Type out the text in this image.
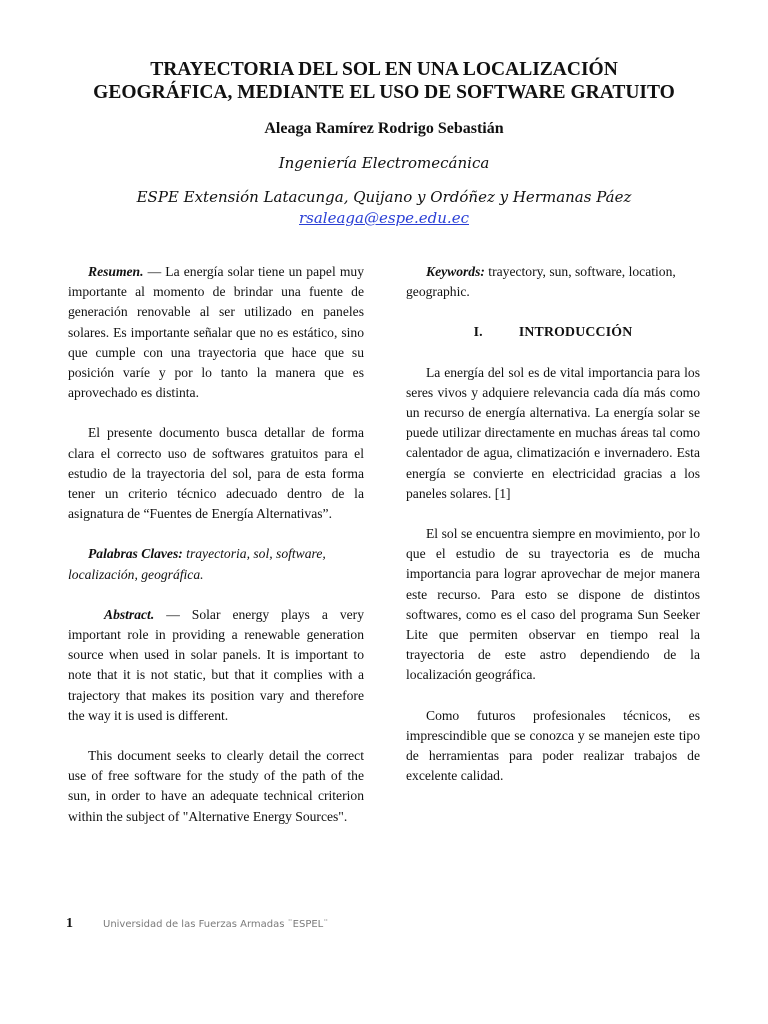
TRAYECTORIA DEL SOL EN UNA LOCALIZACIÓN
GEOGRÁFICA, MEDIANTE EL USO DE SOFTWARE GRATUITO
Aleaga Ramírez Rodrigo Sebastián
Ingeniería Electromecánica
ESPE Extensión Latacunga, Quijano y Ordóñez y Hermanas Páez
rsaleaga@espe.edu.ec

Resumen. — La energía solar tiene un papel muy importante al momento de brindar una fuente de generación renovable al ser utilizado en paneles solares. Es importante señalar que no es estático, sino que cumple con una trayectoria que hace que su posición varíe y por lo tanto la manera que es aprovechado es distinta.

El presente documento busca detallar de forma clara el correcto uso de softwares gratuitos para el estudio de la trayectoria del sol, para de esta forma tener un criterio técnico adecuado dentro de la asignatura de “Fuentes de Energía Alternativas”.

Palabras Claves: trayectoria, sol, software, localización, geográfica.

Abstract. — Solar energy plays a very important role in providing a renewable generation source when used in solar panels. It is important to note that it is not static, but that it complies with a trajectory that makes its position vary and therefore the way it is used is different.

This document seeks to clearly detail the correct use of free software for the study of the path of the sun, in order to have an adequate technical criterion within the subject of "Alternative Energy Sources".

Keywords: trayectory, sun, software, location, geographic.

I.	INTRODUCCIÓN

La energía del sol es de vital importancia para los seres vivos y adquiere relevancia cada día más como un recurso de energía alternativa. La energía solar se puede utilizar directamente en muchas áreas tal como calentador de agua, climatización e invernadero. Esta energía se convierte en electricidad gracias a los paneles solares. [1]

El sol se encuentra siempre en movimiento, por lo que el estudio de su trayectoria es de mucha importancia para lograr aprovechar de mejor manera este recurso. Para esto se dispone de distintos softwares, como es el caso del programa Sun Seeker Lite que permiten observar en tiempo real la trayectoria de este astro dependiendo de la localización geográfica.

Como futuros profesionales técnicos, es imprescindible que se conozca y se manejen este tipo de herramientas para poder realizar trabajos de excelente calidad.

1	Universidad de las Fuerzas Armadas ¨ESPEL¨
